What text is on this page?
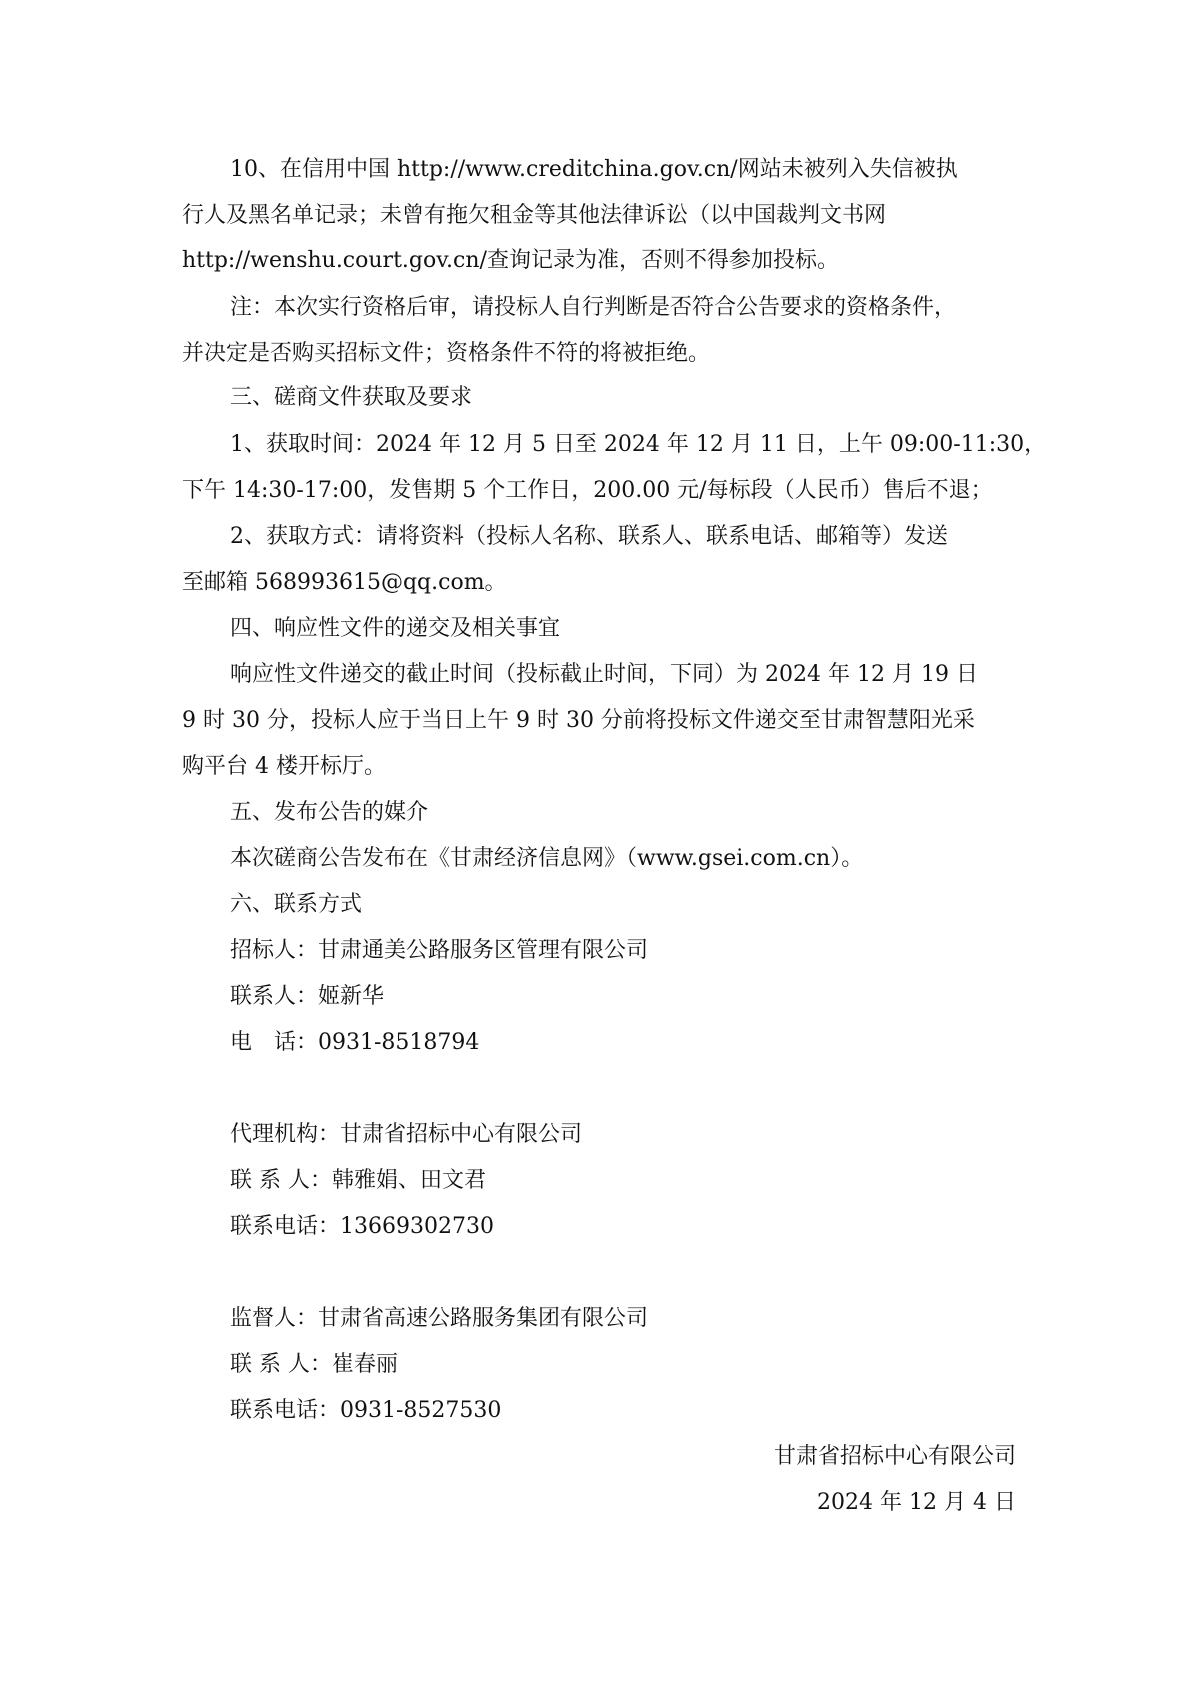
10、在信用中国 http://www.creditchina.gov.cn/网站未被列入失信被执
行人及黑名单记录；未曾有拖欠租金等其他法律诉讼（以中国裁判文书网
http://wenshu.court.gov.cn/查询记录为准，否则不得参加投标。
注：本次实行资格后审，请投标人自行判断是否符合公告要求的资格条件，
并决定是否购买招标文件；资格条件不符的将被拒绝。
三、磋商文件获取及要求
1、获取时间：2024 年 12 月 5 日至 2024 年 12 月 11 日，上午 09:00-11:30，
下午 14:30-17:00，发售期 5 个工作日，200.00 元/每标段（人民币）售后不退；
2、获取方式：请将资料（投标人名称、联系人、联系电话、邮箱等）发送
至邮箱 568993615@qq.com。
四、响应性文件的递交及相关事宜
响应性文件递交的截止时间（投标截止时间，下同）为 2024 年 12 月 19 日
9 时 30 分，投标人应于当日上午 9 时 30 分前将投标文件递交至甘肃智慧阳光采
购平台 4 楼开标厅。
五、发布公告的媒介
本次磋商公告发布在《甘肃经济信息网》（www.gsei.com.cn）。
六、联系方式
招标人：甘肃通美公路服务区管理有限公司
联系人：姬新华
电　话：0931-8518794
代理机构：甘肃省招标中心有限公司
联 系 人：韩雅娟、田文君
联系电话：13669302730
监督人：甘肃省高速公路服务集团有限公司
联 系 人：崔春丽
联系电话：0931-8527530
甘肃省招标中心有限公司
2024 年 12 月 4 日
